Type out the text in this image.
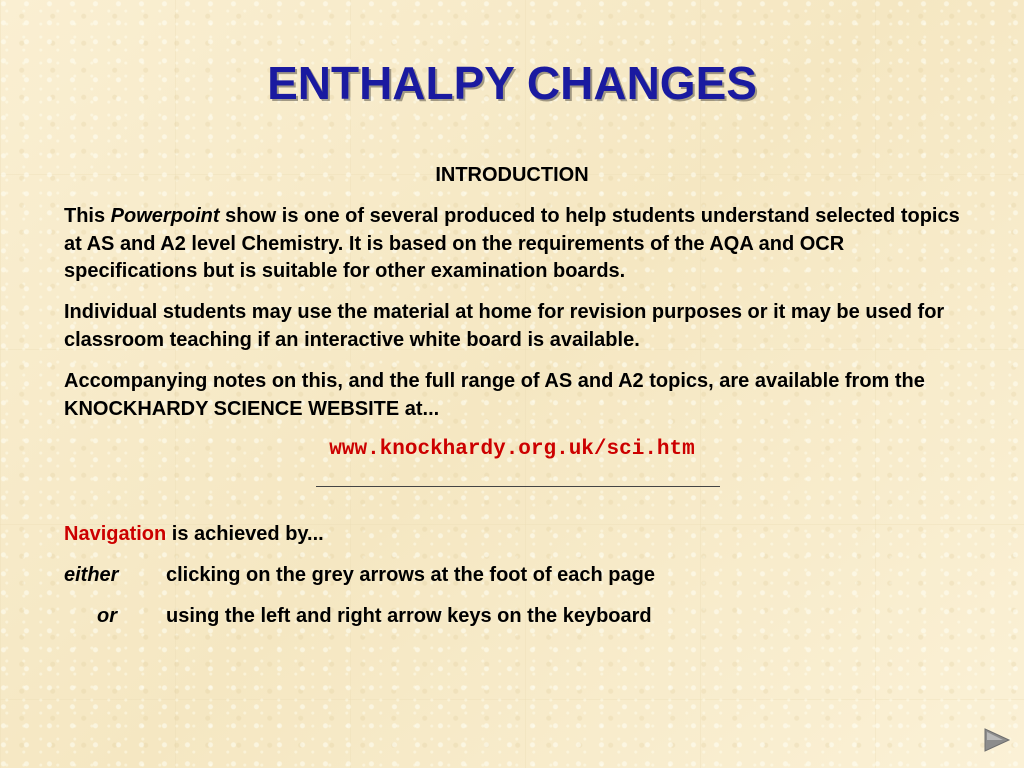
ENTHALPY CHANGES
INTRODUCTION

This Powerpoint show is one of several produced to help students understand selected topics at AS and A2 level Chemistry. It is based on the requirements of the AQA and OCR specifications but is suitable for other examination boards.

Individual students may use the material at home for revision purposes or it may be used for classroom teaching if an interactive white board is available.

Accompanying notes on this, and the full range of AS and A2 topics, are available from the KNOCKHARDY SCIENCE WEBSITE at...

www.knockhardy.org.uk/sci.htm
Navigation is achieved by...
either clicking on the grey arrows at the foot of each page
or using the left and right arrow keys on the keyboard
